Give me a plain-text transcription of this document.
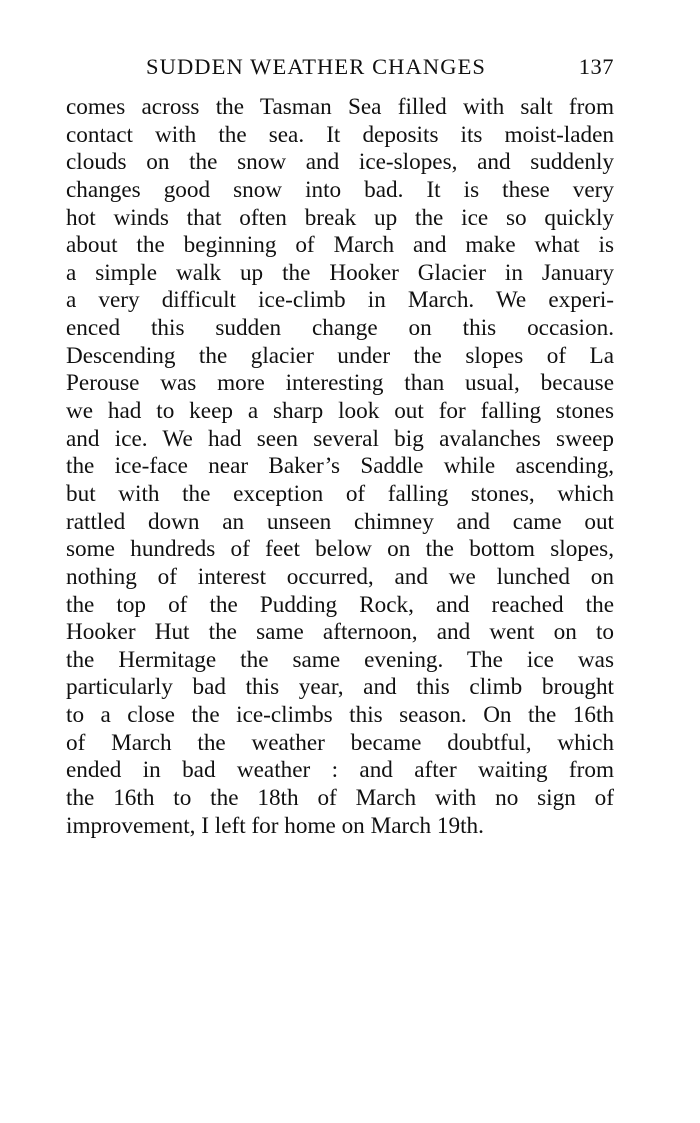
SUDDEN WEATHER CHANGES	137
comes across the Tasman Sea filled with salt from
contact with the sea. It deposits its moist-laden
clouds on the snow and ice-slopes, and suddenly
changes good snow into bad. It is these very
hot winds that often break up the ice so quickly
about the beginning of March and make what is
a simple walk up the Hooker Glacier in January
a very difficult ice-climb in March. We experi-
enced this sudden change on this occasion.
Descending the glacier under the slopes of La
Perouse was more interesting than usual, because
we had to keep a sharp look out for falling stones
and ice. We had seen several big avalanches sweep
the ice-face near Baker’s Saddle while ascending,
but with the exception of falling stones, which
rattled down an unseen chimney and came out
some hundreds of feet below on the bottom slopes,
nothing of interest occurred, and we lunched on
the top of the Pudding Rock, and reached the
Hooker Hut the same afternoon, and went on to
the Hermitage the same evening. The ice was
particularly bad this year, and this climb brought
to a close the ice-climbs this season. On the 16th
of March the weather became doubtful, which
ended in bad weather : and after waiting from
the 16th to the 18th of March with no sign of
improvement, I left for home on March 19th.
